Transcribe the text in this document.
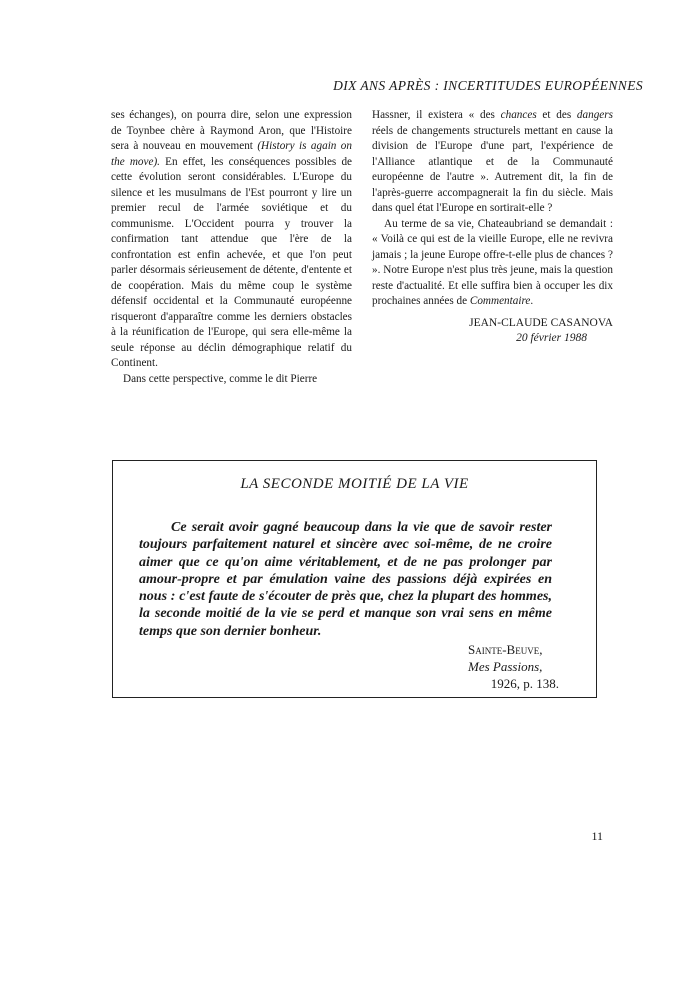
DIX ANS APRÈS : INCERTITUDES EUROPÉENNES

ses échanges), on pourra dire, selon une expression de Toynbee chère à Raymond Aron, que l'Histoire sera à nouveau en mouvement (History is again on the move). En effet, les conséquences possibles de cette évolution seront considérables. L'Europe du silence et les musulmans de l'Est pourront y lire un premier recul de l'armée soviétique et du communisme. L'Occident pourra y trouver la confirmation tant attendue que l'ère de la confrontation est enfin achevée, et que l'on peut parler désormais sérieusement de détente, d'entente et de coopération. Mais du même coup le système défensif occidental et la Communauté européenne risqueront d'apparaître comme les derniers obstacles à la réunification de l'Europe, qui sera elle-même la seule réponse au déclin démographique relatif du Continent.

Dans cette perspective, comme le dit Pierre

Hassner, il existera « des chances et des dangers réels de changements structurels mettant en cause la division de l'Europe d'une part, l'expérience de l'Alliance atlantique et de la Communauté européenne de l'autre ». Autrement dit, la fin de l'après-guerre accompagnerait la fin du siècle. Mais dans quel état l'Europe en sortirait-elle ?

Au terme de sa vie, Chateaubriand se demandait : « Voilà ce qui est de la vieille Europe, elle ne revivra jamais ; la jeune Europe offre-t-elle plus de chances ? ». Notre Europe n'est plus très jeune, mais la question reste d'actualité. Et elle suffira bien à occuper les dix prochaines années de Commentaire.

JEAN-CLAUDE CASANOVA
20 février 1988
LA SECONDE MOITIÉ DE LA VIE

Ce serait avoir gagné beaucoup dans la vie que de savoir rester toujours parfaitement naturel et sincère avec soi-même, de ne croire aimer que ce qu'on aime véritablement, et de ne pas prolonger par amour-propre et par émulation vaine des passions déjà expirées en nous : c'est faute de s'écouter de près que, chez la plupart des hommes, la seconde moitié de la vie se perd et manque son vrai sens en même temps que son dernier bonheur.

Sainte-Beuve,
Mes Passions,
1926, p. 138.
11
